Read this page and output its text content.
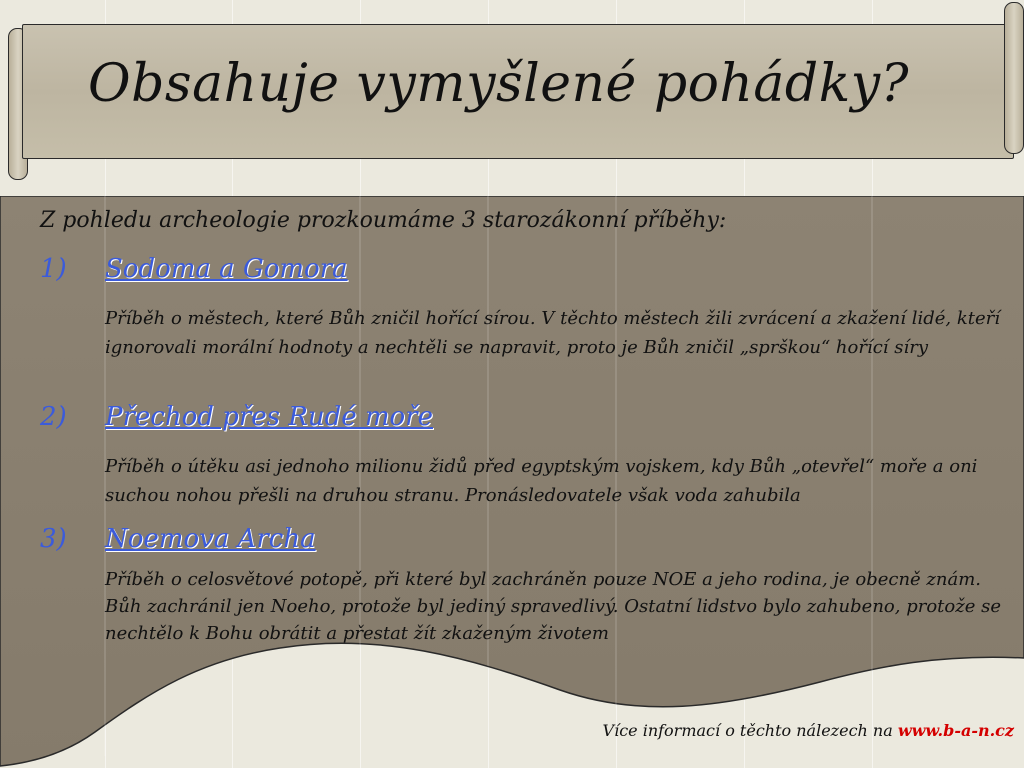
Obsahuje vymyšlené pohádky?
Z pohledu archeologie prozkoumáme 3 starozákonní příběhy:
1) Sodoma a Gomora
Příběh o městech, které Bůh zničil hořící sírou. V těchto městech žili zvrácení a zkažení lidé, kteří ignorovali morální hodnoty a nechtěli se napravit, proto je Bůh zničil „sprškou“ hořící síry
2) Přechod přes Rudé moře
Příběh o útěku asi jednoho milionu židů před egyptským vojskem, kdy Bůh „otevřel“ moře a oni suchou nohou přešli na druhou stranu. Pronásledovatele však voda zahubila
3) Noemova Archa
Příběh o celosvětové potopě, při které byl zachráněn pouze NOE a jeho rodina, je obecně znám. Bůh zachránil jen Noeho, protože byl jediný spravedlivý. Ostatní lidstvo bylo zahubeno, protože se nechtělo k Bohu obrátit a přestat žít zkaženým životem
Více informací o těchto nálezech na www.b-a-n.cz
